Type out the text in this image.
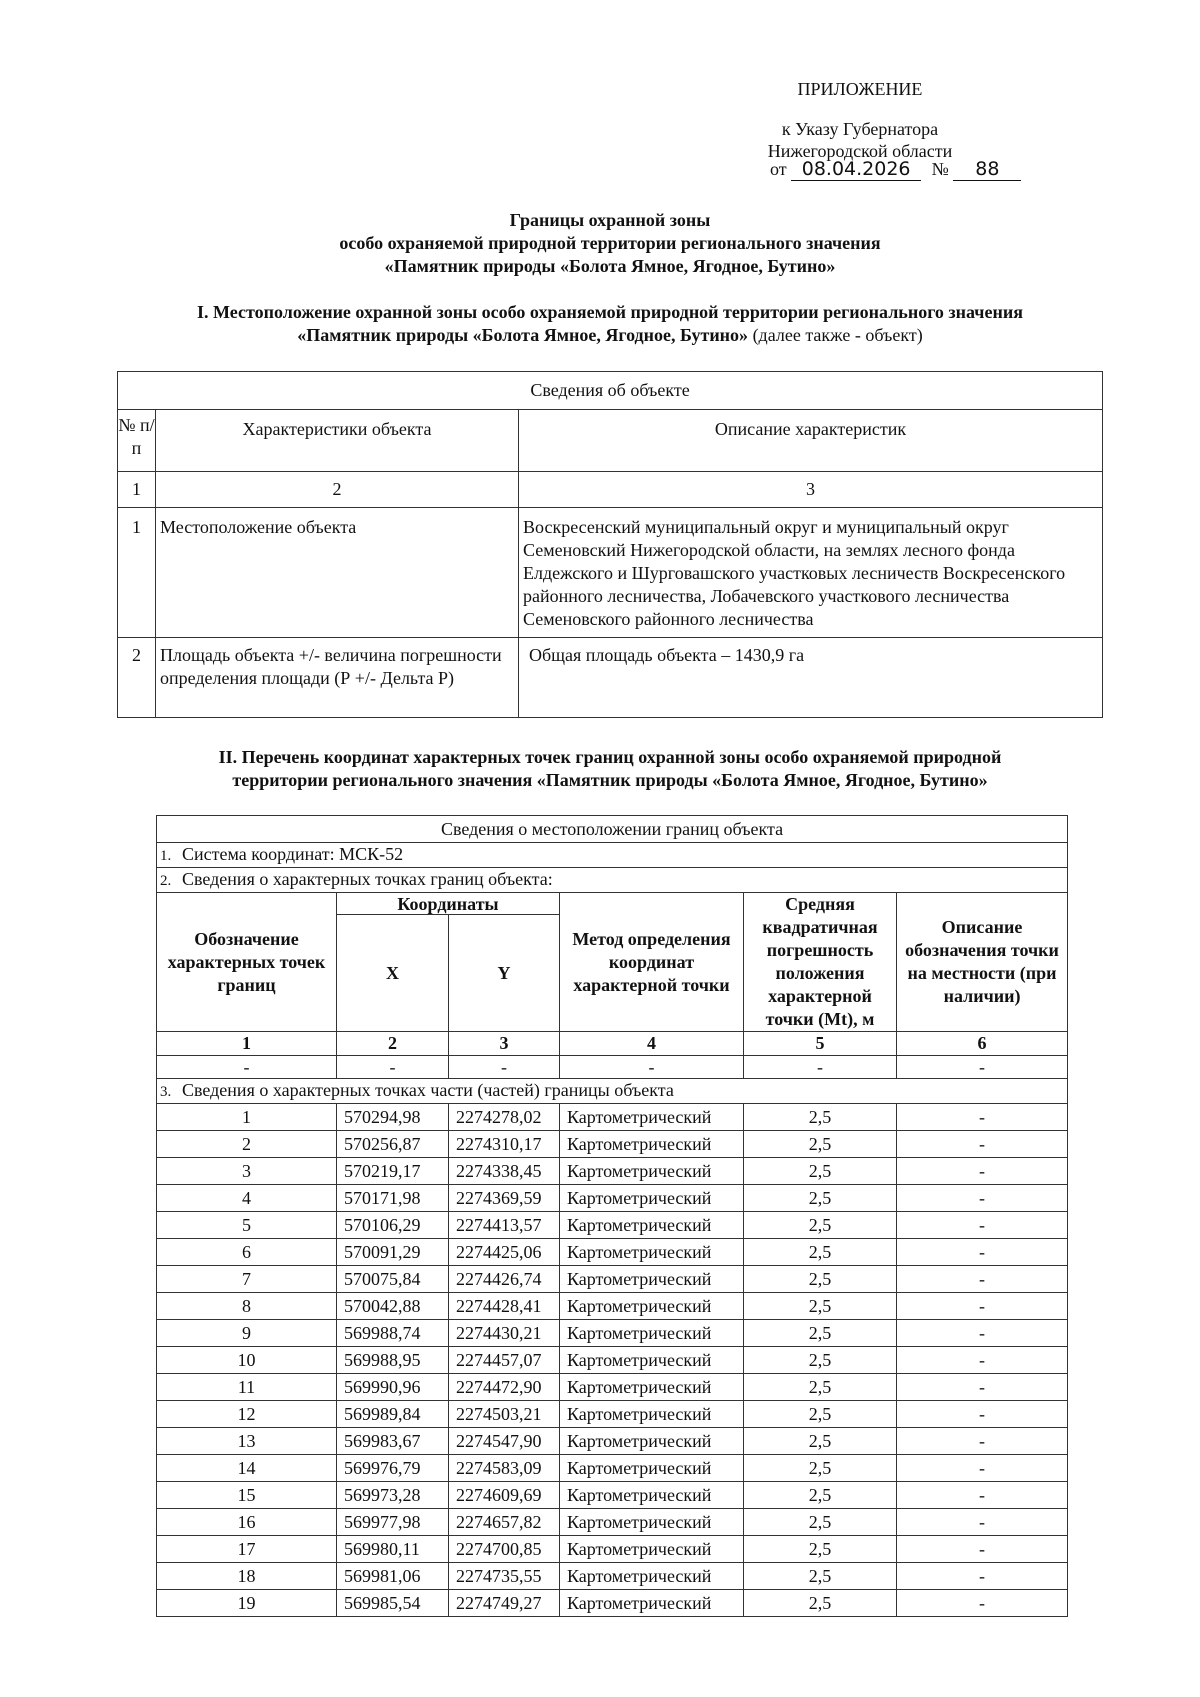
ПРИЛОЖЕНИЕ
к Указу Губернатора
Нижегородской области
от 08.04.2026 № 88
Границы охранной зоны
особо охраняемой природной территории регионального значения
«Памятник природы «Болота Ямное, Ягодное, Бутино»
I. Местоположение охранной зоны особо охраняемой природной территории регионального значения
«Памятник природы «Болота Ямное, Ягодное, Бутино» (далее также - объект)
Сведения об объекте		
№ п/п	Характеристики объекта	Описание характеристик
1	2	3
1	Местоположение объекта	Воскресенский муниципальный округ и муниципальный округ Семеновский Нижегородской области, на землях лесного фонда Елдежского и Шурговашского участковых лесничеств Воскресенского районного лесничества, Лобачевского участкового лесничества Семеновского районного лесничества
2	Площадь объекта +/- величина погрешности определения площади (Р +/- Дельта Р)	Общая площадь объекта – 1430,9 га
II. Перечень координат характерных точек границ охранной зоны особо охраняемой природной
территории регионального значения «Памятник природы «Болота Ямное, Ягодное, Бутино»
Сведения о местоположении границ объекта					
1. Система координат: МСК-52					
2. Сведения о характерных точках границ объекта:					
Обозначение характерных точек границ	Координаты		Метод определения координат характерной точки	Средняя квадратичная погрешность положения характерной точки (Mt), м	Описание обозначения точки на местности (при наличии)
	X	Y			
1	2	3	4	5	6
-	-	-	-	-	-
3. Сведения о характерных точках части (частей) границы объекта					
1	570294,98	2274278,02	Картометрический	2,5	-
2	570256,87	2274310,17	Картометрический	2,5	-
3	570219,17	2274338,45	Картометрический	2,5	-
4	570171,98	2274369,59	Картометрический	2,5	-
5	570106,29	2274413,57	Картометрический	2,5	-
6	570091,29	2274425,06	Картометрический	2,5	-
7	570075,84	2274426,74	Картометрический	2,5	-
8	570042,88	2274428,41	Картометрический	2,5	-
9	569988,74	2274430,21	Картометрический	2,5	-
10	569988,95	2274457,07	Картометрический	2,5	-
11	569990,96	2274472,90	Картометрический	2,5	-
12	569989,84	2274503,21	Картометрический	2,5	-
13	569983,67	2274547,90	Картометрический	2,5	-
14	569976,79	2274583,09	Картометрический	2,5	-
15	569973,28	2274609,69	Картометрический	2,5	-
16	569977,98	2274657,82	Картометрический	2,5	-
17	569980,11	2274700,85	Картометрический	2,5	-
18	569981,06	2274735,55	Картометрический	2,5	-
19	569985,54	2274749,27	Картометрический	2,5	-
